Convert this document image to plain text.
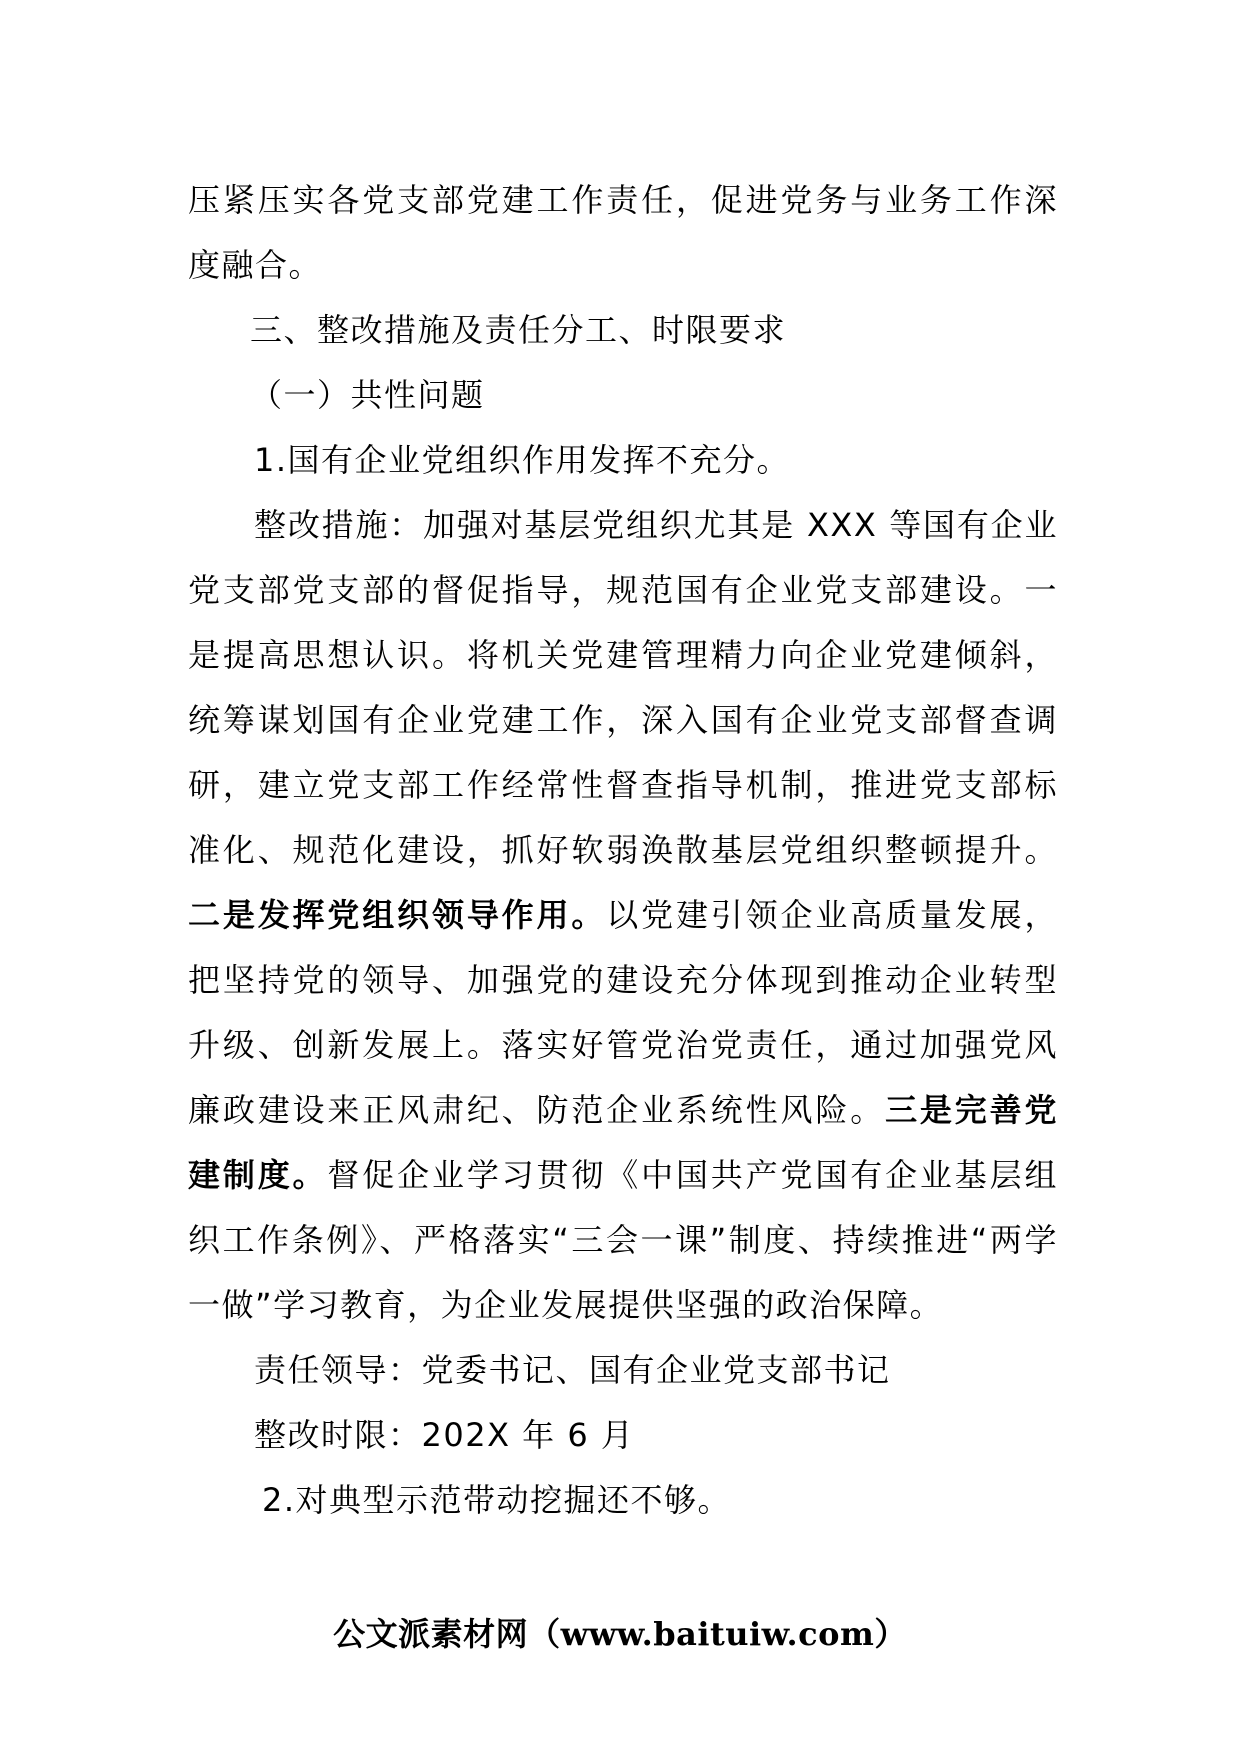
压紧压实各党支部党建工作责任，促进党务与业务工作深度融合。

三、整改措施及责任分工、时限要求

（一）共性问题

1.国有企业党组织作用发挥不充分。

整改措施：加强对基层党组织尤其是 XXX 等国有企业党支部党支部的督促指导，规范国有企业党支部建设。一是提高思想认识。将机关党建管理精力向企业党建倾斜，统筹谋划国有企业党建工作，深入国有企业党支部督查调研，建立党支部工作经常性督查指导机制，推进党支部标准化、规范化建设，抓好软弱涣散基层党组织整顿提升。二是发挥党组织领导作用。以党建引领企业高质量发展，把坚持党的领导、加强党的建设充分体现到推动企业转型升级、创新发展上。落实好管党治党责任，通过加强党风廉政建设来正风肃纪、防范企业系统性风险。三是完善党建制度。督促企业学习贯彻《中国共产党国有企业基层组织工作条例》、严格落实“三会一课”制度、持续推进“两学一做”学习教育，为企业发展提供坚强的政治保障。

责任领导：党委书记、国有企业党支部书记

整改时限：202X 年 6 月

2.对典型示范带动挖掘还不够。

公文派素材网（www.baituiw.com）
